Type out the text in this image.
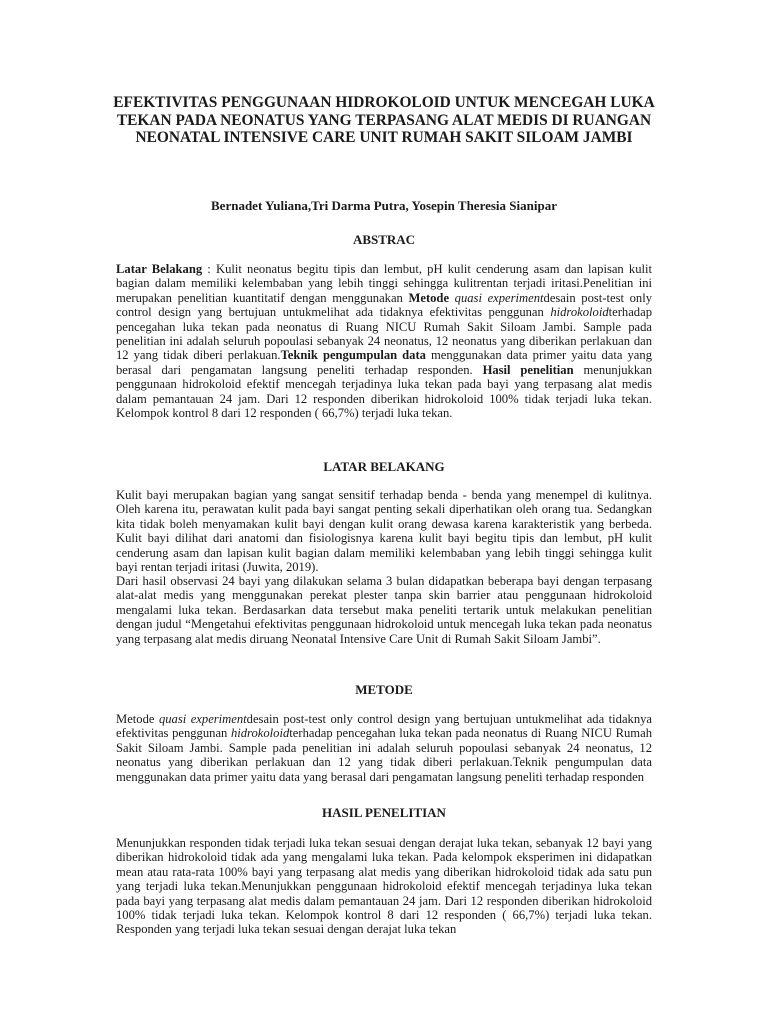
EFEKTIVITAS PENGGUNAAN HIDROKOLOID UNTUK MENCEGAH LUKA TEKAN PADA NEONATUS YANG TERPASANG ALAT MEDIS DI RUANGAN NEONATAL INTENSIVE CARE UNIT RUMAH SAKIT SILOAM JAMBI
Bernadet Yuliana,Tri Darma Putra, Yosepin Theresia Sianipar
ABSTRAC

Latar Belakang : Kulit neonatus begitu tipis dan lembut, pH kulit cenderung asam dan lapisan kulit bagian dalam memiliki kelembaban yang lebih tinggi sehingga kulitrentan terjadi iritasi.Penelitian ini merupakan penelitian kuantitatif dengan menggunakan Metode quasi experimentdesain post-test only control design yang bertujuan untukmelihat ada tidaknya efektivitas penggunan hidrokoloidterhadap pencegahan luka tekan pada neonatus di Ruang NICU Rumah Sakit Siloam Jambi. Sample pada penelitian ini adalah seluruh popoulasi sebanyak 24 neonatus, 12 neonatus yang diberikan perlakuan dan 12 yang tidak diberi perlakuan.Teknik pengumpulan data menggunakan data primer yaitu data yang berasal dari pengamatan langsung peneliti terhadap responden. Hasil penelitian menunjukkan penggunaan hidrokoloid efektif mencegah terjadinya luka tekan pada bayi yang terpasang alat medis dalam pemantauan 24 jam. Dari 12 responden diberikan hidrokoloid 100% tidak terjadi luka tekan. Kelompok kontrol 8 dari 12 responden ( 66,7%) terjadi luka tekan.

LATAR BELAKANG

Kulit bayi merupakan bagian yang sangat sensitif terhadap benda - benda yang menempel di kulitnya. Oleh karena itu, perawatan kulit pada bayi sangat penting sekali diperhatikan oleh orang tua. Sedangkan kita tidak boleh menyamakan kulit bayi dengan kulit orang dewasa karena karakteristik yang berbeda. Kulit bayi dilihat dari anatomi dan fisiologisnya karena kulit bayi begitu tipis dan lembut, pH kulit cenderung asam dan lapisan kulit bagian dalam memiliki kelembaban yang lebih tinggi sehingga kulit bayi rentan terjadi iritasi (Juwita, 2019).

Dari hasil observasi 24 bayi yang dilakukan selama 3 bulan didapatkan beberapa bayi dengan terpasang alat-alat medis yang menggunakan perekat plester tanpa skin barrier atau penggunaan hidrokoloid mengalami luka tekan. Berdasarkan data tersebut maka peneliti tertarik untuk melakukan penelitian dengan judul “Mengetahui efektivitas penggunaan hidrokoloid untuk mencegah luka tekan pada neonatus yang terpasang alat medis diruang Neonatal Intensive Care Unit di Rumah Sakit Siloam Jambi”.

METODE

Metode quasi experimentdesain post-test only control design yang bertujuan untukmelihat ada tidaknya efektivitas penggunan hidrokoloidterhadap pencegahan luka tekan pada neonatus di Ruang NICU Rumah Sakit Siloam Jambi. Sample pada penelitian ini adalah seluruh popoulasi sebanyak 24 neonatus, 12 neonatus yang diberikan perlakuan dan 12 yang tidak diberi perlakuan.Teknik pengumpulan data menggunakan data primer yaitu data yang berasal dari pengamatan langsung peneliti terhadap responden

HASIL PENELITIAN

Menunjukkan responden tidak terjadi luka tekan sesuai dengan derajat luka tekan, sebanyak 12 bayi yang diberikan hidrokoloid tidak ada yang mengalami luka tekan. Pada kelompok eksperimen ini didapatkan mean atau rata-rata 100% bayi yang terpasang alat medis yang diberikan hidrokoloid tidak ada satu pun yang terjadi luka tekan.Menunjukkan penggunaan hidrokoloid efektif mencegah terjadinya luka tekan pada bayi yang terpasang alat medis dalam pemantauan 24 jam. Dari 12 responden diberikan hidrokoloid 100% tidak terjadi luka tekan. Kelompok kontrol 8 dari 12 responden ( 66,7%) terjadi luka tekan. Responden yang terjadi luka tekan sesuai dengan derajat luka tekan
